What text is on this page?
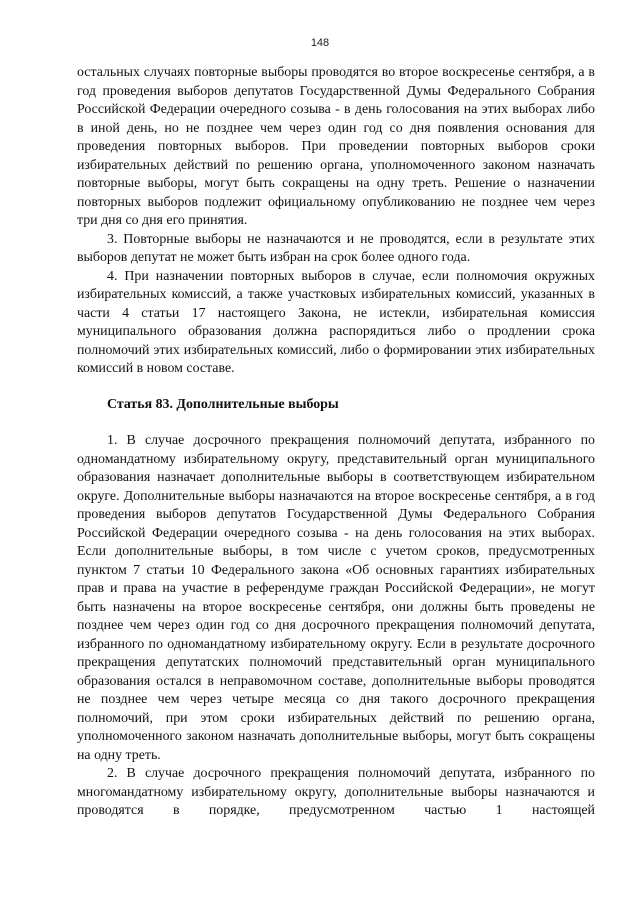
148

остальных случаях повторные выборы проводятся во второе воскресенье сентября, а в год проведения выборов депутатов Государственной Думы Федерального Собрания Российской Федерации очередного созыва - в день голосования на этих выборах либо в иной день, но не позднее чем через один год со дня появления основания для проведения повторных выборов. При проведении повторных выборов сроки избирательных действий по решению органа, уполномоченного законом назначать повторные выборы, могут быть сокращены на одну треть. Решение о назначении повторных выборов подлежит официальному опубликованию не позднее чем через три дня со дня его принятия.

3. Повторные выборы не назначаются и не проводятся, если в результате этих выборов депутат не может быть избран на срок более одного года.

4. При назначении повторных выборов в случае, если полномочия окружных избирательных комиссий, а также участковых избирательных комиссий, указанных в части 4 статьи 17 настоящего Закона, не истекли, избирательная комиссия муниципального образования должна распорядиться либо о продлении срока полномочий этих избирательных комиссий, либо о формировании этих избирательных комиссий в новом составе.

Статья 83. Дополнительные выборы

1. В случае досрочного прекращения полномочий депутата, избранного по одномандатному избирательному округу, представительный орган муниципального образования назначает дополнительные выборы в соответствующем избирательном округе. Дополнительные выборы назначаются на второе воскресенье сентября, а в год проведения выборов депутатов Государственной Думы Федерального Собрания Российской Федерации очередного созыва - на день голосования на этих выборах. Если дополнительные выборы, в том числе с учетом сроков, предусмотренных пунктом 7 статьи 10 Федерального закона «Об основных гарантиях избирательных прав и права на участие в референдуме граждан Российской Федерации», не могут быть назначены на второе воскресенье сентября, они должны быть проведены не позднее чем через один год со дня досрочного прекращения полномочий депутата, избранного по одномандатному избирательному округу. Если в результате досрочного прекращения депутатских полномочий представительный орган муниципального образования остался в неправомочном составе, дополнительные выборы проводятся не позднее чем через четыре месяца со дня такого досрочного прекращения полномочий, при этом сроки избирательных действий по решению органа, уполномоченного законом назначать дополнительные выборы, могут быть сокращены на одну треть.

2. В случае досрочного прекращения полномочий депутата, избранного по многомандатному избирательному округу, дополнительные выборы назначаются и проводятся в порядке, предусмотренном частью 1 настоящей
